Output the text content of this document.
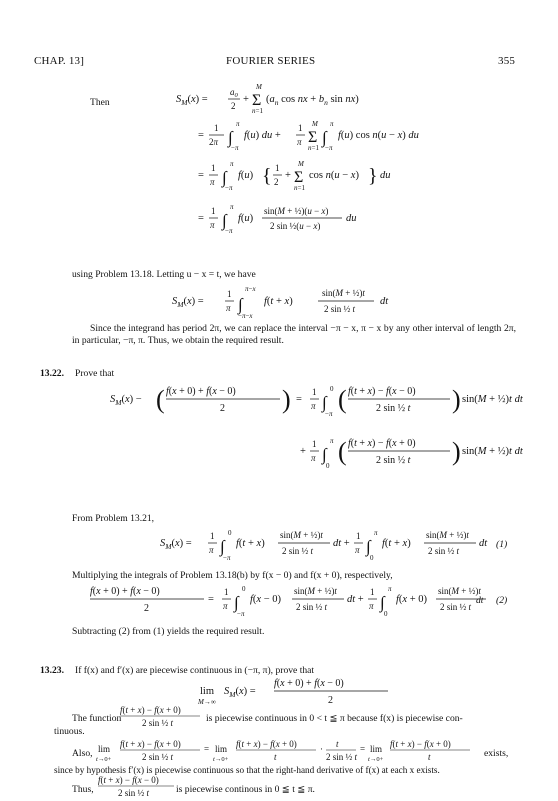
CHAP. 13]	FOURIER SERIES	355
Then	$S_M(x)$ =
$a_0$
2
+ Σ
M
n=1
($a_n$ cos nx + $b_n$ sin nx)
=
1
2π ∫
π
−π
f(u) du +
1
π Σ
M
n=1
∫
π
−π
f(u) cos n(u − x) du
=
1
π ∫
π
−π
f(u) { 1
2
+ Σ
M
n=1
cos n(u − x) } du
=
1
π ∫
π
−π
f(u)
sin(M + ½)(u − x)
2 sin ½(u − x)
du
using Problem 13.18. Letting u − x = t, we have
$S_M(x)$ =
1
π ∫
π−x
−π−x
f(t + x)
sin(M + ½)t
2 sin ½ t
dt
Since the integrand has period 2π, we can replace the interval −π − x, π − x by any other interval of length 2π, in particular, −π, π. Thus, we obtain the required result.
13.22. Prove that
$S_M(x)$ − ( f(x + 0) + f(x − 0)
2 ) =
1
π ∫
0
−π ( f(t + x) − f(x − 0)
2 sin ½ t ) sin(M + ½)t dt
+
1
π ∫
π
0 ( f(t + x) − f(x + 0)
2 sin ½ t ) sin(M + ½)t dt
From Problem 13.21,
$S_M(x)$ =
1
π ∫
0
−π
f(t + x)
sin(M + ½)t
2 sin ½ t
dt +
1
π ∫
π
0
f(t + x)
sin(M + ½)t
2 sin ½ t
dt (1)
Multiplying the integrals of Problem 13.18(b) by f(x − 0) and f(x + 0), respectively,
f(x + 0) + f(x − 0)
2
=
1
π ∫
0
−π
f(x − 0)
sin(M + ½)t
2 sin ½ t
dt +
1
π ∫
π
0
f(x + 0)
sin(M + ½)t
2 sin ½ t
dt (2)
Subtracting (2) from (1) yields the required result.
13.23. If f(x) and f′(x) are piecewise continuous in (−π, π), prove that
lim
M→∞
$S_M(x)$ =
f(x + 0) + f(x − 0)
2
The function
f(t + x) − f(x + 0)
2 sin ½ t	is piecewise continuous in 0 < t ≦ π because f(x) is piecewise con-
tinuous.
Also, lim
t→0+
f(t + x) − f(x + 0)
2 sin ½ t
= lim
t→0+
f(t + x) − f(x + 0)
t
· t
2 sin ½ t
= lim
t→0+
f(t + x) − f(x + 0)
t	exists,
since by hypothesis f′(x) is piecewise continuous so that the right-hand derivative of f(x) at each x exists.
Thus,	is piecewise continous in 0 ≦ t ≦ π.
f(t + x) − f(x − 0)
2 sin ½ t
